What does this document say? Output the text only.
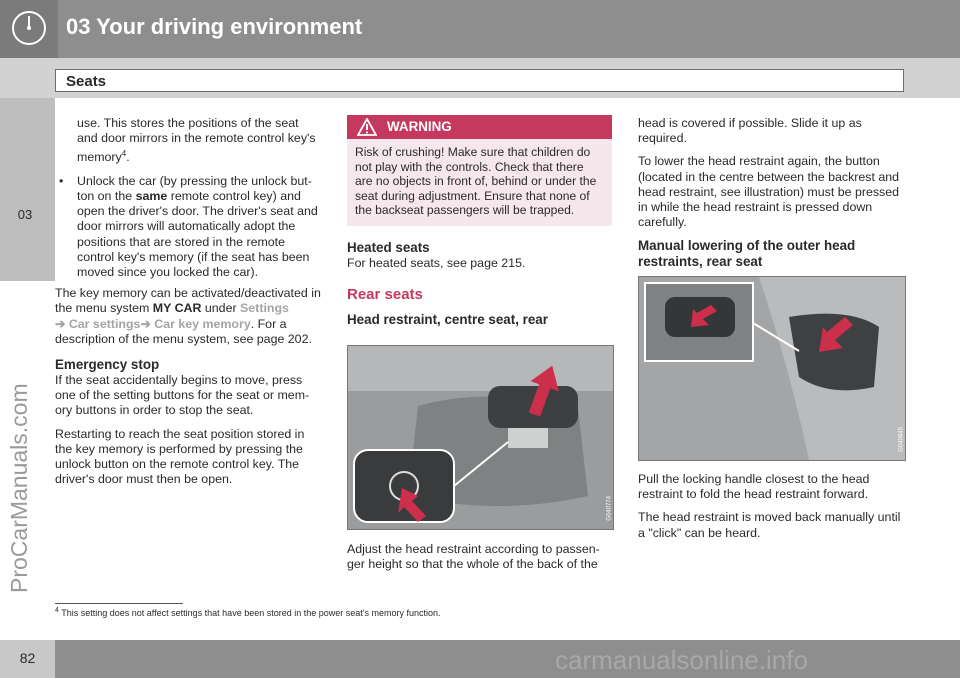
03 Your driving environment
Seats
03
ProCarManuals.com

use. This stores the positions of the seat and door mirrors in the remote control key's memory$^4$.

• Unlock the car (by pressing the unlock but-ton on the same remote control key) and open the driver's door. The driver's seat and door mirrors will automatically adopt the positions that are stored in the remote control key's memory (if the seat has been moved since you locked the car).

The key memory can be activated/deactivated in the menu system MY CAR under Settings
➔ Car settings➔ Car key memory. For a description of the menu system, see page 202.

Emergency stop

If the seat accidentally begins to move, press one of the setting buttons for the seat or mem-ory buttons in order to stop the seat.

Restarting to reach the seat position stored in the key memory is performed by pressing the unlock button on the remote control key. The driver's door must then be open.

WARNING
Risk of crushing! Make sure that children do not play with the controls. Check that there are no objects in front of, behind or under the seat during adjustment. Ensure that none of the backseat passengers will be trapped.
Heated seats

For heated seats, see page 215.

Rear seats
Head restraint, centre seat, rear
G040774

Adjust the head restraint according to passen-ger height so that the whole of the back of the

head is covered if possible. Slide it up as required.

To lower the head restraint again, the button (located in the centre between the backrest and head restraint, see illustration) must be pressed in while the head restraint is pressed down carefully.

Manual lowering of the outer head restraints, rear seat
G040645

Pull the locking handle closest to the head restraint to fold the head restraint forward.

The head restraint is moved back manually until a "click" can be heard.

$^4$ This setting does not affect settings that have been stored in the power seat's memory function.
82	carmanualsonline.info
